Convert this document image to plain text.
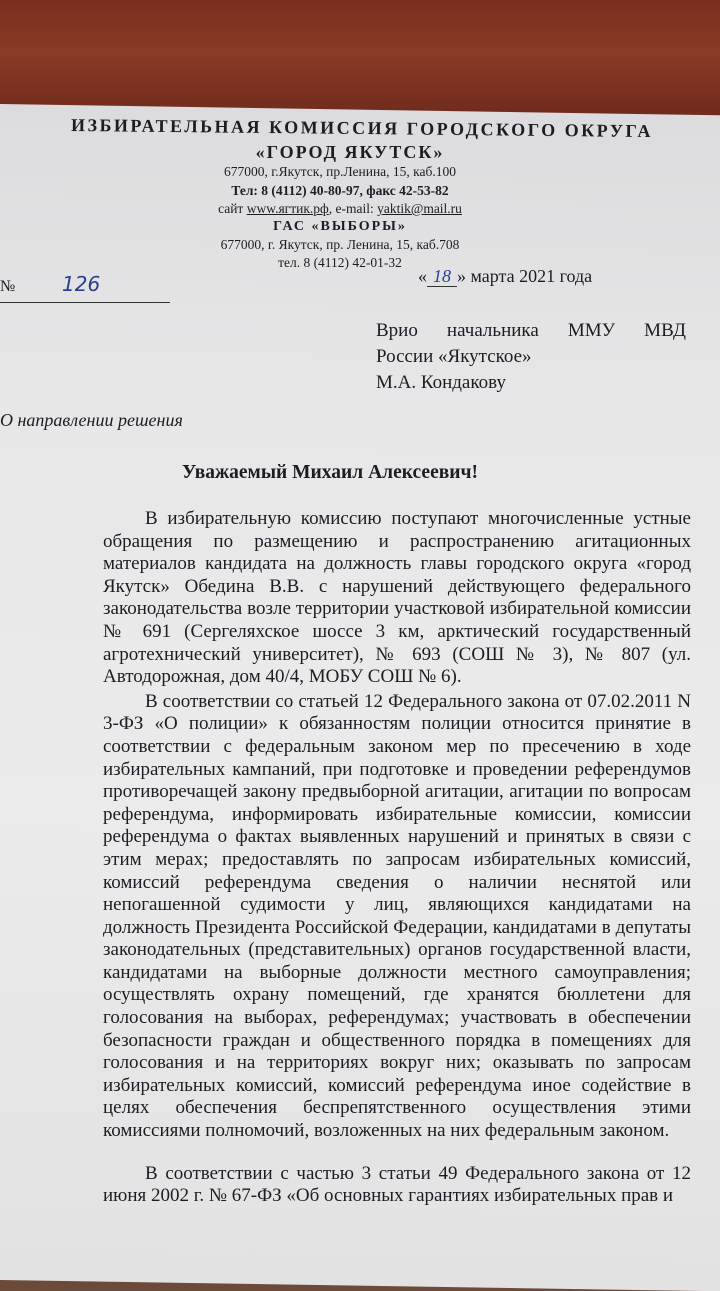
ИЗБИРАТЕЛЬНАЯ КОМИССИЯ ГОРОДСКОГО ОКРУГА
«ГОРОД ЯКУТСК»
677000, г.Якутск, пр.Ленина, 15, каб.100
Тел: 8 (4112) 40-80-97, факс 42-53-82
сайт www.ягтик.рф, e-mail: yaktik@mail.ru
ГАС «ВЫБОРЫ»
677000, г. Якутск, пр. Ленина, 15, каб.708
тел. 8 (4112) 42-01-32
№ 126	« 18 » марта 2021 года
Врио начальника ММУ МВД
России «Якутское»
М.А. Кондакову
О направлении решения
Уважаемый Михаил Алексеевич!

В избирательную комиссию поступают многочисленные устные обращения по размещению и распространению агитационных материалов кандидата на должность главы городского округа «город Якутск» Обедина В.В. с нарушений действующего федерального законодательства возле территории участковой избирательной комиссии № 691 (Сергеляхское шоссе 3 км, арктический государственный агротехнический университет), № 693 (СОШ № 3), № 807 (ул. Автодорожная, дом 40/4, МОБУ СОШ № 6).

В соответствии со статьей 12 Федерального закона от 07.02.2011 N 3-ФЗ «О полиции» к обязанностям полиции относится принятие в соответствии с федеральным законом мер по пресечению в ходе избирательных кампаний, при подготовке и проведении референдумов противоречащей закону предвыборной агитации, агитации по вопросам референдума, информировать избирательные комиссии, комиссии референдума о фактах выявленных нарушений и принятых в связи с этим мерах; предоставлять по запросам избирательных комиссий, комиссий референдума сведения о наличии неснятой или непогашенной судимости у лиц, являющихся кандидатами на должность Президента Российской Федерации, кандидатами в депутаты законодательных (представительных) органов государственной власти, кандидатами на выборные должности местного самоуправления; осуществлять охрану помещений, где хранятся бюллетени для голосования на выборах, референдумах; участвовать в обеспечении безопасности граждан и общественного порядка в помещениях для голосования и на территориях вокруг них; оказывать по запросам избирательных комиссий, комиссий референдума иное содействие в целях обеспечения беспрепятственного осуществления этими комиссиями полномочий, возложенных на них федеральным законом.

В соответствии с частью 3 статьи 49 Федерального закона от 12 июня 2002 г. № 67-ФЗ «Об основных гарантиях избирательных прав и
